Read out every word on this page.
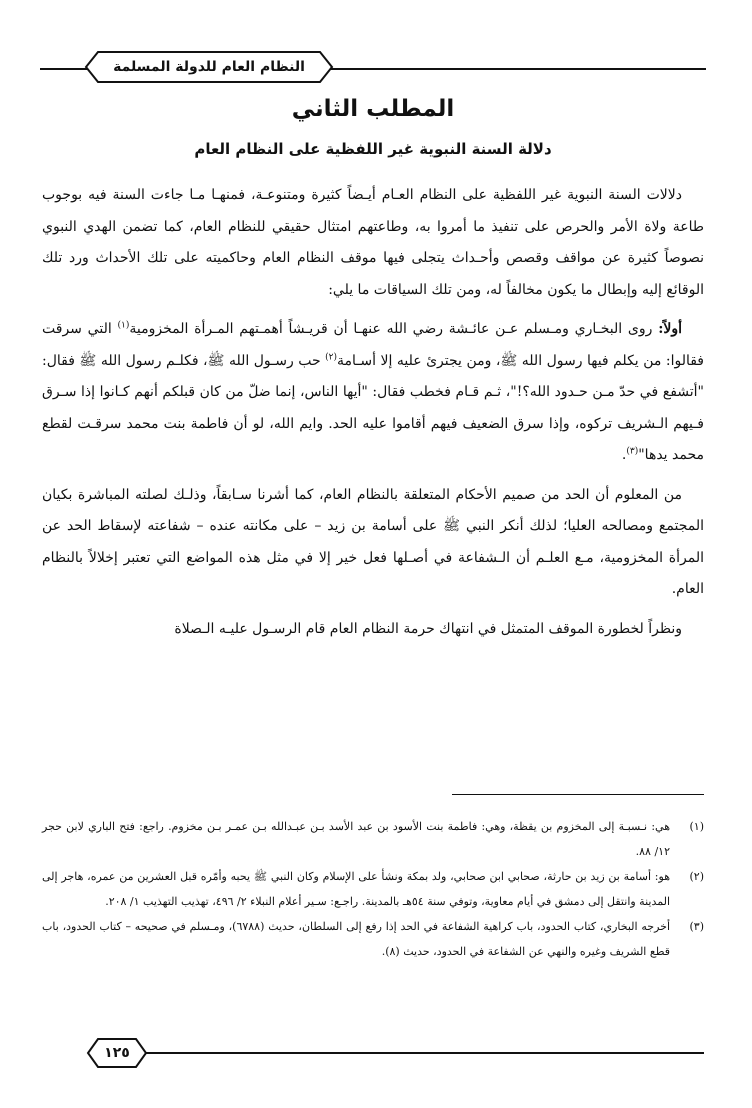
النظام العام للدولة المسلمة
المطلب الثاني
دلالة السنة النبوية غير اللفظية على النظام العام

دلالات السنة النبوية غير اللفظية على النظام العـام أيـضاً كثيرة ومتنوعـة، فمنهـا مـا جاءت السنة فيه بوجوب طاعة ولاة الأمر والحرص على تنفيذ ما أمروا به، وطاعتهم امتثال حقيقي للنظام العام، كما تضمن الهدي النبوي نصوصاً كثيرة عن مواقف وقصص وأحـداث يتجلى فيها موقف النظام العام وحاكميته على تلك الأحداث ورد تلك الوقائع إليه وإبطال ما يكون مخالفاً له، ومن تلك السياقات ما يلي:

أولاً: روى البخـاري ومـسلم عـن عائـشة رضي الله عنهـا أن قريـشاً أهمـتهم المـرأة المخزومية$^{(١)}$ التي سرقت فقالوا: من يكلم فيها رسول الله ﷺ، ومن يجترئ عليه إلا أسـامة$^{(٢)}$ حب رسـول الله ﷺ، فكلـم رسول الله ﷺ فقال: "أتشفع في حدّ مـن حـدود الله؟!"، ثـم قـام فخطب فقال: "أيها الناس، إنما ضلّ من كان قبلكم أنهم كـانوا إذا سـرق فـيهم الـشريف تركوه، وإذا سرق الضعيف فيهم أقاموا عليه الحد. وايم الله، لو أن فاطمة بنت محمد سرقـت لقطع محمد يدها"$^{(٣)}$.

من المعلوم أن الحد من صميم الأحكام المتعلقة بالنظام العام، كما أشرنا سـابقاً، وذلـك لصلته المباشرة بكيان المجتمع ومصالحه العليا؛ لذلك أنكر النبي ﷺ على أسامة بن زيد – على مكانته عنده – شفاعته لإسقاط الحد عن المرأة المخزومية، مـع العلـم أن الـشفاعة في أصـلها فعل خير إلا في مثل هذه المواضع التي تعتبر إخلالاً بالنظام العام.

ونظراً لخطورة الموقف المتمثل في انتهاك حرمة النظام العام قام الرسـول عليـه الـصلاة

(١)
هي: نـسبـة إلى المخزوم بن يقظة، وهي: فاطمة بنت الأسود بن عبد الأسد بـن عبـدالله بـن عمـر بـن مخزوم. راجع: فتح الباري لابن حجر ١٢/ ٨٨.
(٢)
هو: أسامة بن زيد بن حارثة، صحابي ابن صحابي، ولد بمكة ونشأ على الإسلام وكان النبي ﷺ يحبه وأمّره قبل العشرين من عمره، هاجر إلى المدينة وانتقل إلى دمشق في أيام معاوية، وتوفي سنة ٥٤هـ بالمدينة. راجـع: سـير أعلام النبلاء ٢/ ٤٩٦، تهذيب التهذيب ١/ ٢٠٨.
(٣)
أخرجه البخاري، كتاب الحدود، باب كراهية الشفاعة في الحد إذا رفع إلى السلطان، حديث (٦٧٨٨)، ومـسلم في صحيحه – كتاب الحدود، باب قطع الشريف وغيره والنهي عن الشفاعة في الحدود، حديث (٨).
١٢٥
